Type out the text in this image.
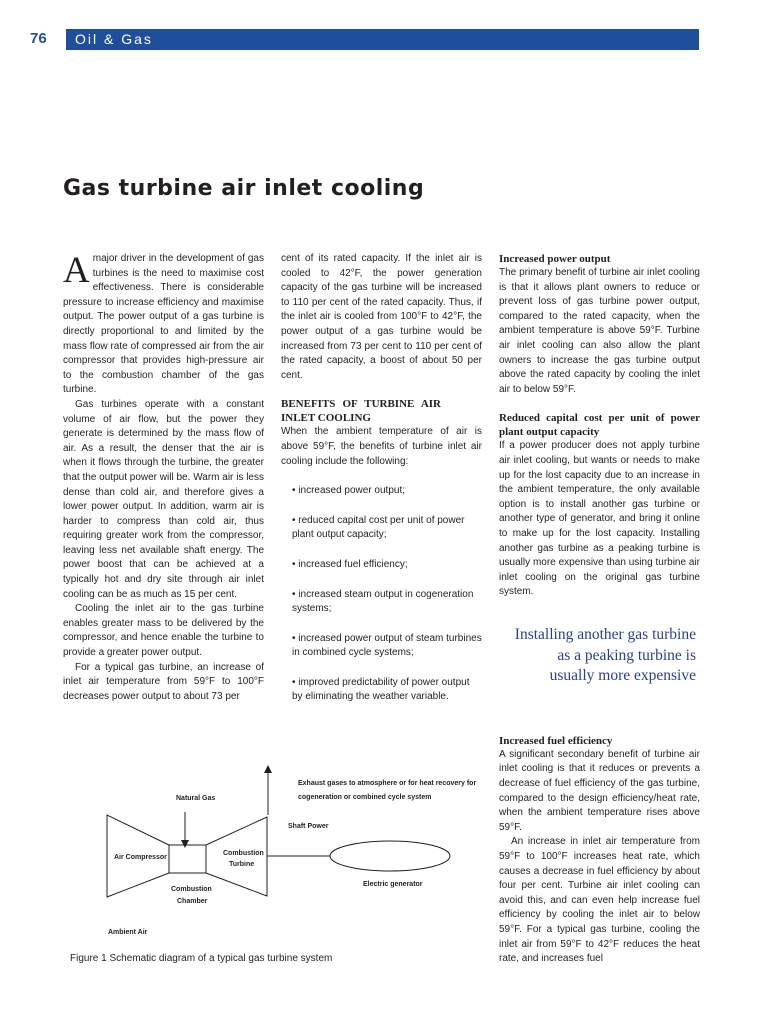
76	Oil & Gas
Gas turbine air inlet cooling

Amajor driver in the development of gas turbines is the need to maximise cost effectiveness. There is considerable pressure to increase efficiency and maximise output. The power output of a gas turbine is directly proportional to and limited by the mass flow rate of compressed air from the air compressor that provides high-pressure air to the combustion chamber of the gas turbine.

Gas turbines operate with a constant volume of air flow, but the power they generate is determined by the mass flow of air. As a result, the denser that the air is when it flows through the turbine, the greater that the output power will be. Warm air is less dense than cold air, and therefore gives a lower power output. In addition, warm air is harder to compress than cold air, thus requiring greater work from the compressor, leaving less net available shaft energy. The power boost that can be achieved at a typically hot and dry site through air inlet cooling can be as much as 15 per cent.

Cooling the inlet air to the gas turbine enables greater mass to be delivered by the compressor, and hence enable the turbine to provide a greater power output.

For a typical gas turbine, an increase of inlet air temperature from 59°F to 100°F decreases power output to about 73 per

cent of its rated capacity. If the inlet air is cooled to 42°F, the power generation capacity of the gas turbine will be increased to 110 per cent of the rated capacity. Thus, if the inlet air is cooled from 100°F to 42°F, the power output of a gas turbine would be increased from 73 per cent to 110 per cent of the rated capacity, a boost of about 50 per cent.

BENEFITS OF TURBINE AIR INLET COOLING

When the ambient temperature of air is above 59°F, the benefits of turbine inlet air cooling include the following:

• increased power output;
• reduced capital cost per unit of power plant output capacity;
• increased fuel efficiency;
• increased steam output in cogeneration systems;
• increased power output of steam turbines in combined cycle systems;
• improved predictability of power output by eliminating the weather variable.

Increased power output

The primary benefit of turbine air inlet cooling is that it allows plant owners to reduce or prevent loss of gas turbine power output, compared to the rated capacity, when the ambient temperature is above 59°F. Turbine air inlet cooling can also allow the plant owners to increase the gas turbine output above the rated capacity by cooling the inlet air to below 59°F.

Reduced capital cost per unit of power plant output capacity

If a power producer does not apply turbine air inlet cooling, but wants or needs to make up for the lost capacity due to an increase in the ambient temperature, the only available option is to install another gas turbine or another type of generator, and bring it online to make up for the lost capacity. Installing another gas turbine as a peaking turbine is usually more expensive than using turbine air inlet cooling on the original gas turbine system.

Increased fuel efficiency

A significant secondary benefit of turbine air inlet cooling is that it reduces or prevents a decrease of fuel efficiency of the gas turbine, compared to the design efficiency/heat rate, when the ambient temperature rises above 59°F.

An increase in inlet air temperature from 59°F to 100°F increases heat rate, which causes a decrease in fuel efficiency by about four per cent. Turbine air inlet cooling can avoid this, and can even help increase fuel efficiency by cooling the inlet air to below 59°F. For a typical gas turbine, cooling the inlet air from 59°F to 42°F reduces the heat rate, and increases fuel

Installing another gas turbine as a peaking turbine is usually more expensive
Exhaust gases to atmosphere or for heat recovery for
cogeneration or combined cycle system
Natural Gas
Shaft Power
Air Compressor
Combustion
Turbine
Combustion
Chamber
Electric generator
Ambient Air
Figure 1 Schematic diagram of a typical gas turbine system
